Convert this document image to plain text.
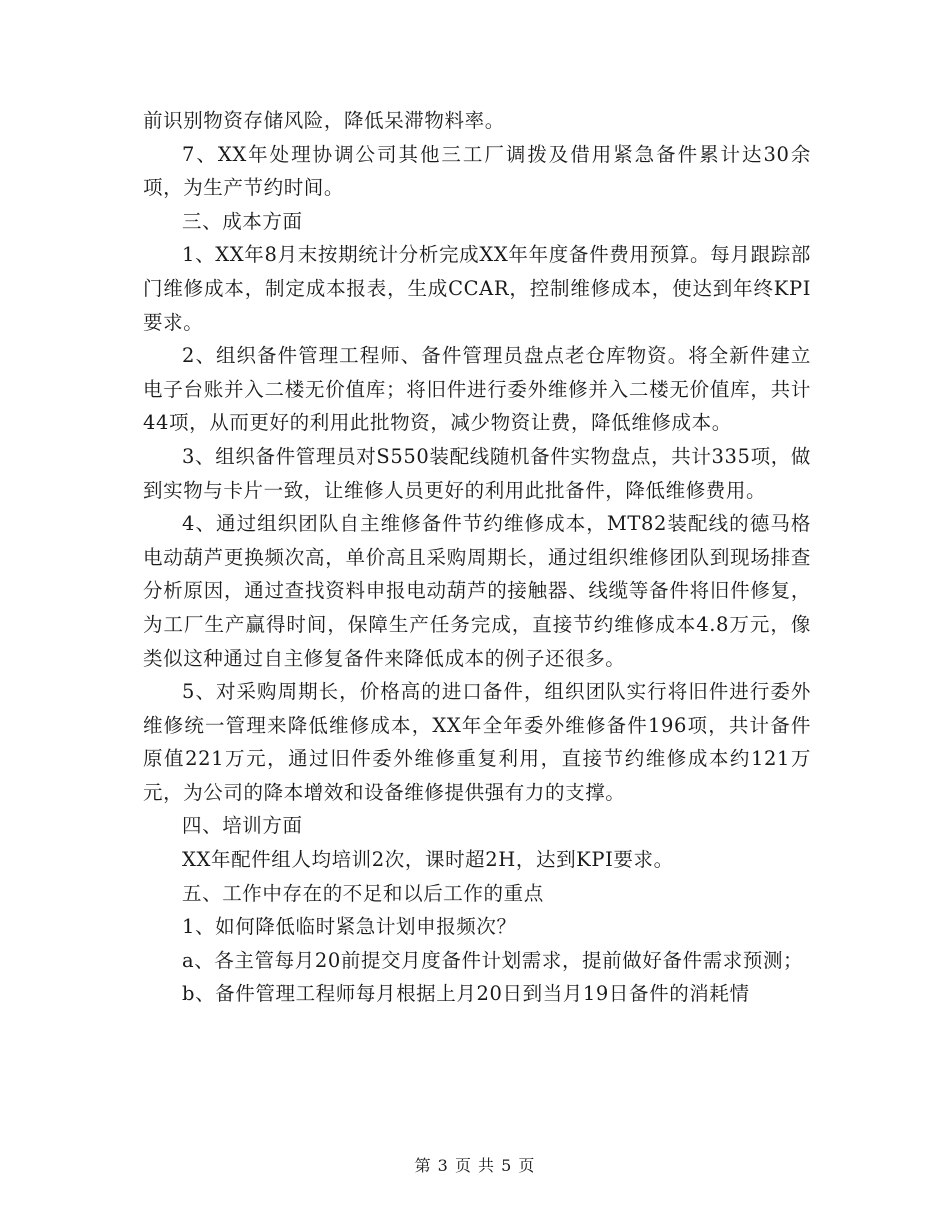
前识别物资存储风险，降低呆滞物料率。

7、XX年处理协调公司其他三工厂调拨及借用紧急备件累计达30余项，为生产节约时间。

三、成本方面

1、XX年8月末按期统计分析完成XX年年度备件费用预算。每月跟踪部门维修成本，制定成本报表，生成CCAR，控制维修成本，使达到年终KPI要求。

2、组织备件管理工程师、备件管理员盘点老仓库物资。将全新件建立电子台账并入二楼无价值库；将旧件进行委外维修并入二楼无价值库，共计44项，从而更好的利用此批物资，减少物资让费，降低维修成本。

3、组织备件管理员对S550装配线随机备件实物盘点，共计335项，做到实物与卡片一致，让维修人员更好的利用此批备件，降低维修费用。

4、通过组织团队自主维修备件节约维修成本，MT82装配线的德马格电动葫芦更换频次高，单价高且采购周期长，通过组织维修团队到现场排查分析原因，通过查找资料申报电动葫芦的接触器、线缆等备件将旧件修复，为工厂生产赢得时间，保障生产任务完成，直接节约维修成本4.8万元，像类似这种通过自主修复备件来降低成本的例子还很多。

5、对采购周期长，价格高的进口备件，组织团队实行将旧件进行委外维修统一管理来降低维修成本，XX年全年委外维修备件196项，共计备件原值221万元，通过旧件委外维修重复利用，直接节约维修成本约121万元，为公司的降本增效和设备维修提供强有力的支撑。

四、培训方面

XX年配件组人均培训2次，课时超2H，达到KPI要求。

五、工作中存在的不足和以后工作的重点

1、如何降低临时紧急计划申报频次？

a、各主管每月20前提交月度备件计划需求，提前做好备件需求预测；

b、备件管理工程师每月根据上月20日到当月19日备件的消耗情

第 3 页 共 5 页
